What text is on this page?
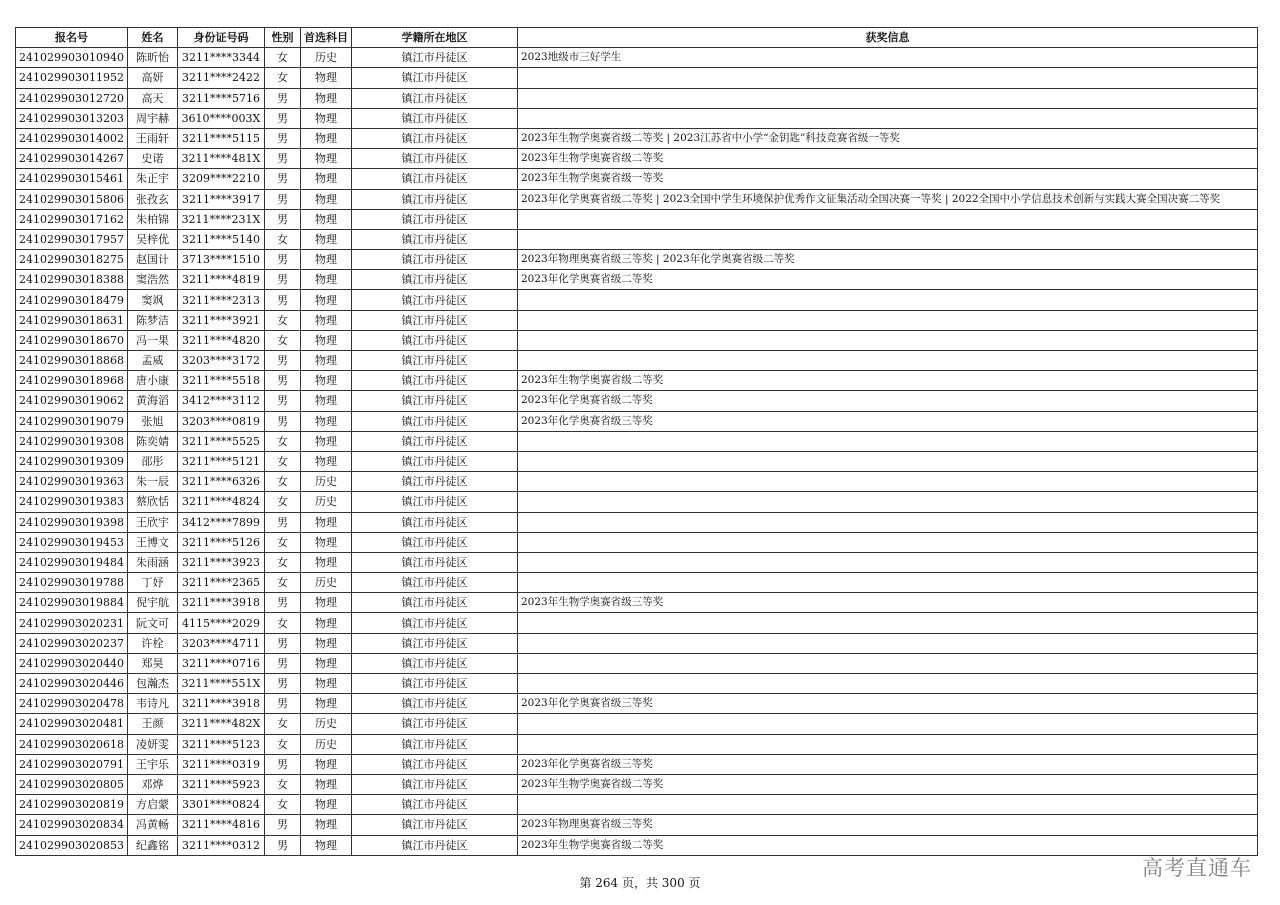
报名号	姓名	身份证号码	性别	首选科目	学籍所在地区	获奖信息
241029903010940	陈昕怡	3211****3344	女	历史	镇江市丹徒区	2023地级市三好学生
241029903011952	高妍	3211****2422	女	物理	镇江市丹徒区	
241029903012720	高天	3211****5716	男	物理	镇江市丹徒区	
241029903013203	周宇赫	3610****003X	男	物理	镇江市丹徒区	
241029903014002	王雨轩	3211****5115	男	物理	镇江市丹徒区	2023年生物学奥赛省级二等奖 | 2023江苏省中小学“金钥匙”科技竞赛省级一等奖
241029903014267	史诺	3211****481X	男	物理	镇江市丹徒区	2023年生物学奥赛省级二等奖
241029903015461	朱正宇	3209****2210	男	物理	镇江市丹徒区	2023年生物学奥赛省级一等奖
241029903015806	张孜玄	3211****3917	男	物理	镇江市丹徒区	2023年化学奥赛省级二等奖 | 2023全国中学生环境保护优秀作文征集活动全国决赛一等奖 | 2022全国中小学信息技术创新与实践大赛全国决赛二等奖
241029903017162	朱柏锦	3211****231X	男	物理	镇江市丹徒区	
241029903017957	吴梓优	3211****5140	女	物理	镇江市丹徒区	
241029903018275	赵国计	3713****1510	男	物理	镇江市丹徒区	2023年物理奥赛省级三等奖 | 2023年化学奥赛省级二等奖
241029903018388	窦浩然	3211****4819	男	物理	镇江市丹徒区	2023年化学奥赛省级二等奖
241029903018479	窦飒	3211****2313	男	物理	镇江市丹徒区	
241029903018631	陈梦洁	3211****3921	女	物理	镇江市丹徒区	
241029903018670	冯一果	3211****4820	女	物理	镇江市丹徒区	
241029903018868	孟威	3203****3172	男	物理	镇江市丹徒区	
241029903018968	唐小康	3211****5518	男	物理	镇江市丹徒区	2023年生物学奥赛省级二等奖
241029903019062	黄海滔	3412****3112	男	物理	镇江市丹徒区	2023年化学奥赛省级二等奖
241029903019079	张旭	3203****0819	男	物理	镇江市丹徒区	2023年化学奥赛省级三等奖
241029903019308	陈奕婧	3211****5525	女	物理	镇江市丹徒区	
241029903019309	邵彤	3211****5121	女	物理	镇江市丹徒区	
241029903019363	朱一辰	3211****6326	女	历史	镇江市丹徒区	
241029903019383	蔡欣恬	3211****4824	女	历史	镇江市丹徒区	
241029903019398	王欣宇	3412****7899	男	物理	镇江市丹徒区	
241029903019453	王博文	3211****5126	女	物理	镇江市丹徒区	
241029903019484	朱雨涵	3211****3923	女	物理	镇江市丹徒区	
241029903019788	丁妤	3211****2365	女	历史	镇江市丹徒区	
241029903019884	倪宇航	3211****3918	男	物理	镇江市丹徒区	2023年生物学奥赛省级三等奖
241029903020231	阮文可	4115****2029	女	物理	镇江市丹徒区	
241029903020237	许栓	3203****4711	男	物理	镇江市丹徒区	
241029903020440	郑昊	3211****0716	男	物理	镇江市丹徒区	
241029903020446	包瀚杰	3211****551X	男	物理	镇江市丹徒区	
241029903020478	韦诗凡	3211****3918	男	物理	镇江市丹徒区	2023年化学奥赛省级三等奖
241029903020481	王颜	3211****482X	女	历史	镇江市丹徒区	
241029903020618	凌妍雯	3211****5123	女	历史	镇江市丹徒区	
241029903020791	王宇乐	3211****0319	男	物理	镇江市丹徒区	2023年化学奥赛省级三等奖
241029903020805	邓烨	3211****5923	女	物理	镇江市丹徒区	2023年生物学奥赛省级二等奖
241029903020819	方启蒙	3301****0824	女	物理	镇江市丹徒区	
241029903020834	冯黄畅	3211****4816	男	物理	镇江市丹徒区	2023年物理奥赛省级三等奖
241029903020853	纪鑫铭	3211****0312	男	物理	镇江市丹徒区	2023年生物学奥赛省级二等奖
第 264 页，共 300 页
高考直通车
